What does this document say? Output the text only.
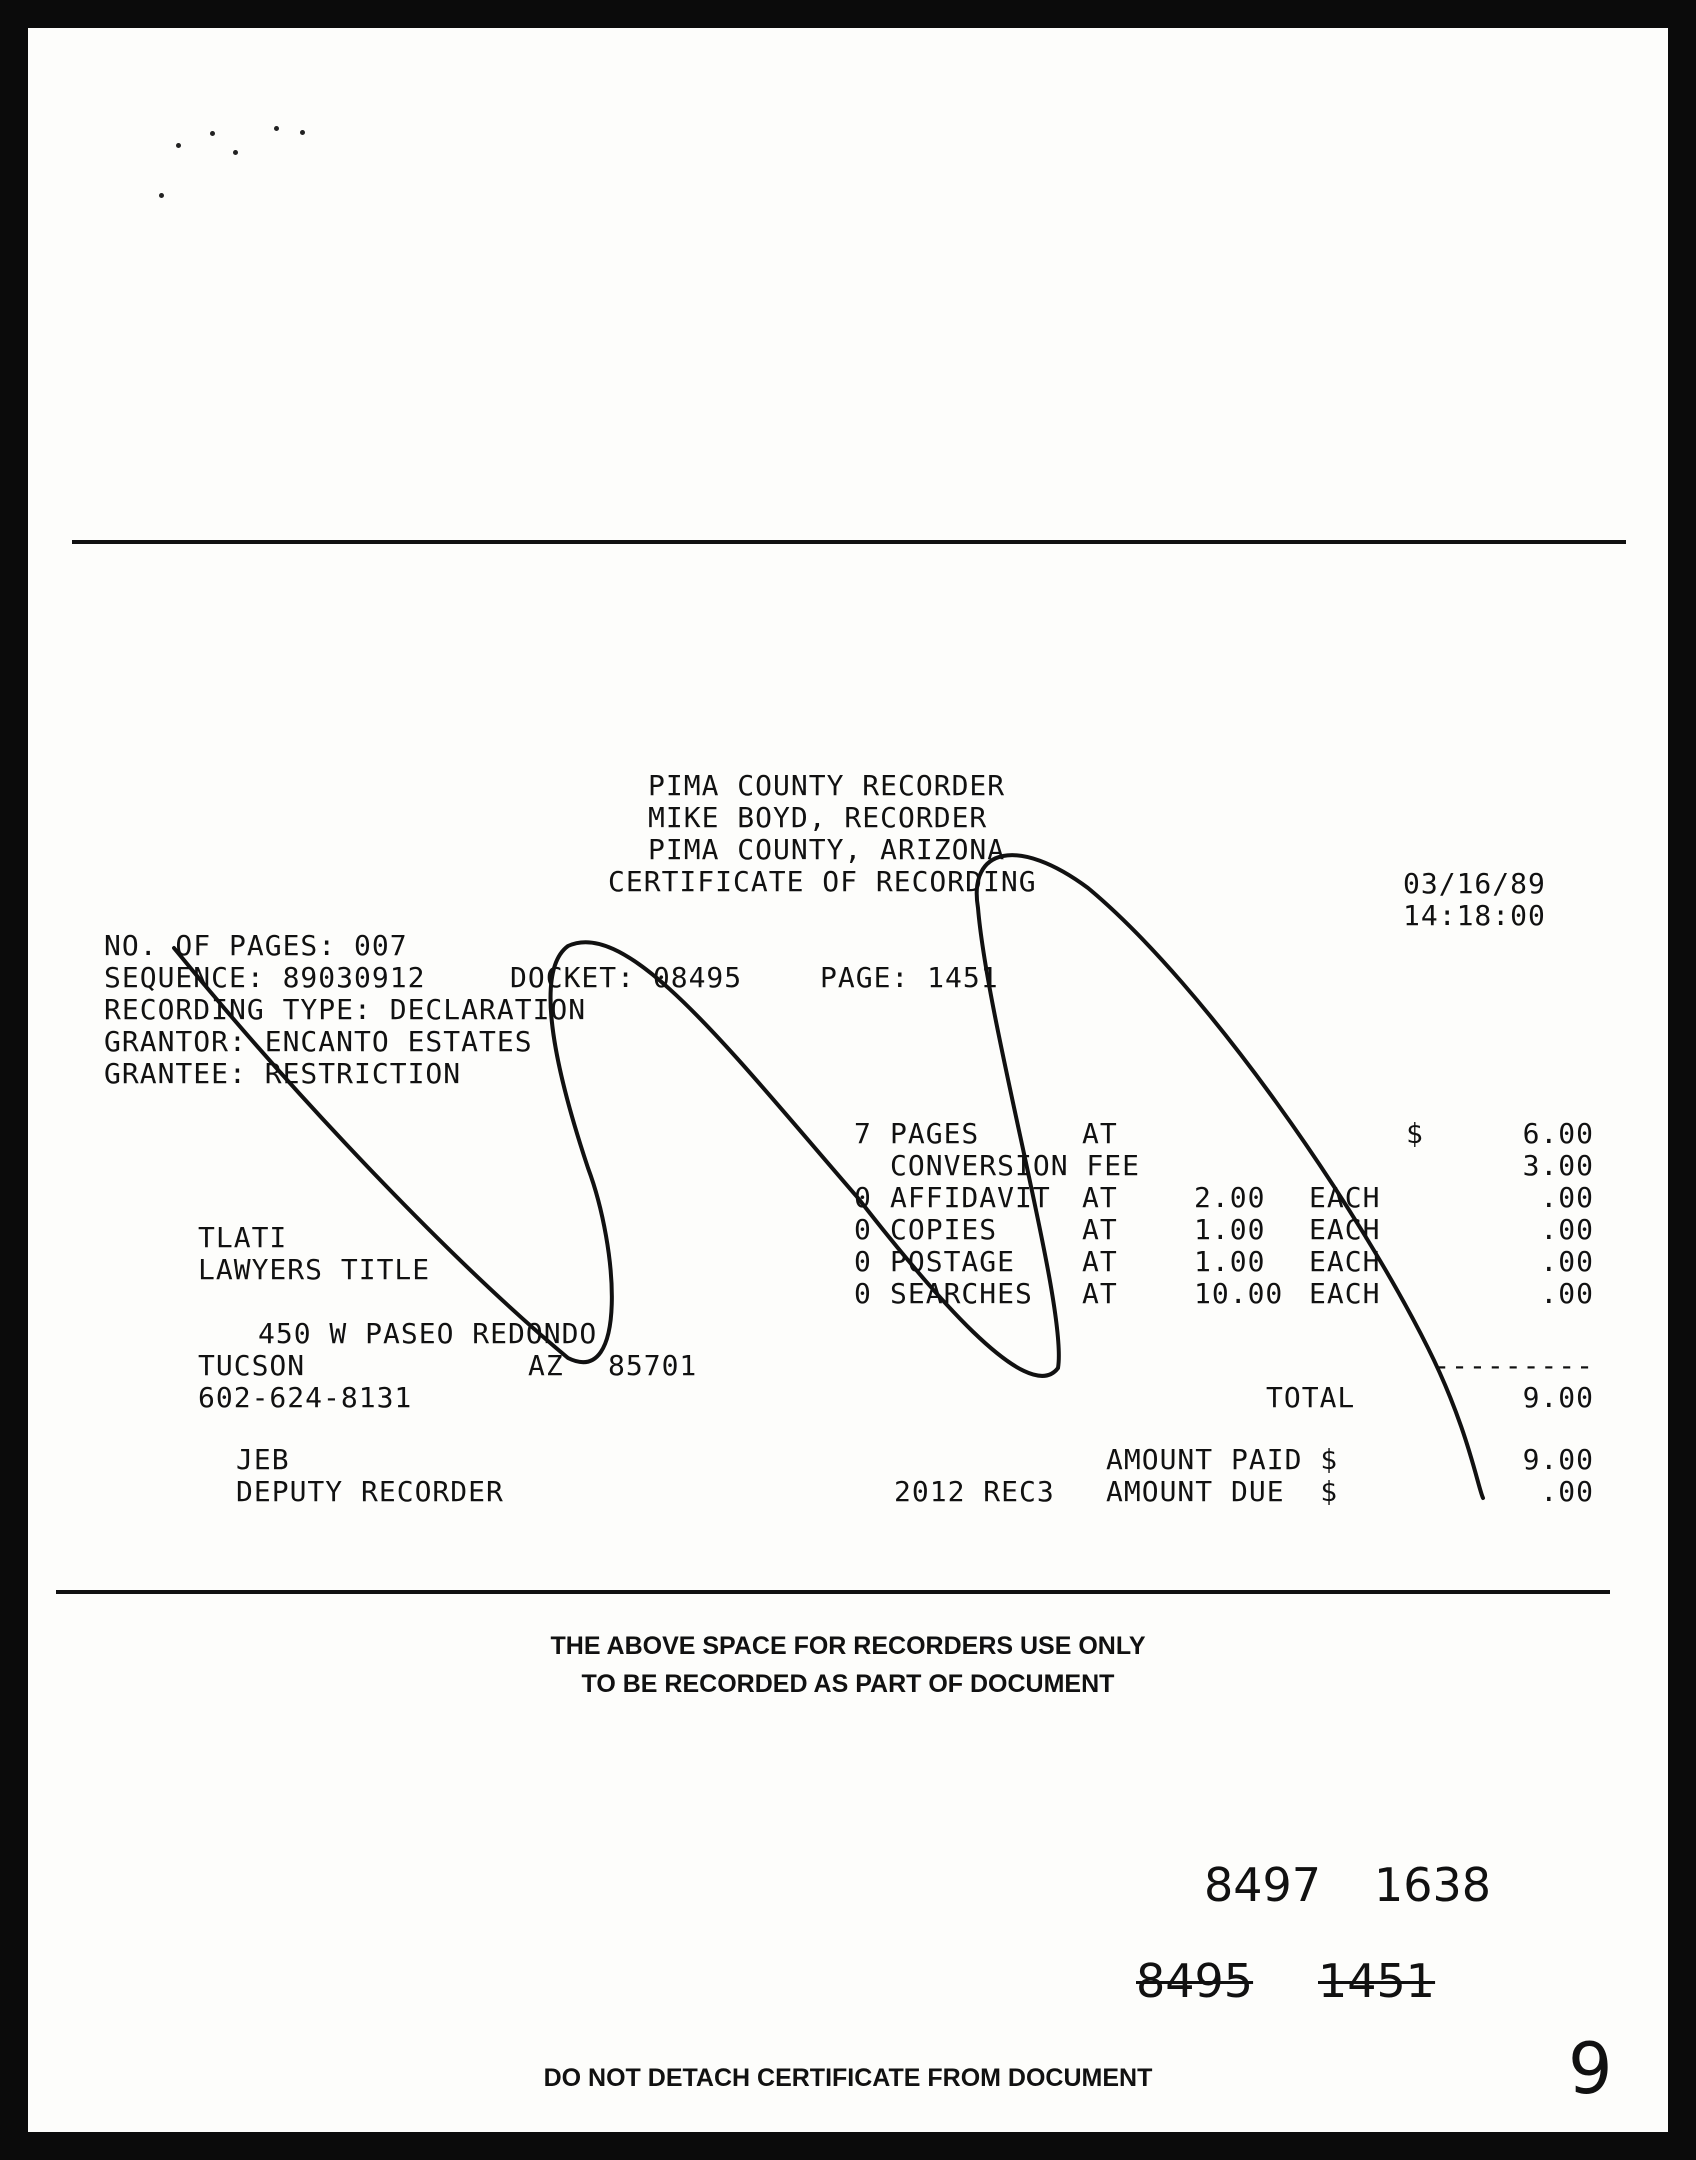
PIMA COUNTY RECORDER
MIKE BOYD, RECORDER
PIMA COUNTY, ARIZONA
CERTIFICATE OF RECORDING	03/16/89
14:18:00
NO. OF PAGES: 007
SEQUENCE: 89030912	DOCKET: 08495	PAGE: 1451
RECORDING TYPE: DECLARATION
GRANTOR: ENCANTO ESTATES
GRANTEE: RESTRICTION
7 PAGES	AT	$	6.00
CONVERSION FEE	3.00
0 AFFIDAVIT AT	2.00 EACH	.00
0 COPIES	AT	1.00 EACH	.00
0 POSTAGE AT	1.00 EACH	.00
0 SEARCHES AT	10.00 EACH	.00
---------
TOTAL	9.00
TLATI
LAWYERS TITLE
450 W PASEO REDONDO
TUCSON	AZ 85701
602-624-8131
JEB
DEPUTY RECORDER	2012 REC3
AMOUNT PAID $	9.00
AMOUNT DUE  $	.00
THE ABOVE SPACE FOR RECORDERS USE ONLY
TO BE RECORDED AS PART OF DOCUMENT
8497 1638
8495 1451
9
DO NOT DETACH CERTIFICATE FROM DOCUMENT
